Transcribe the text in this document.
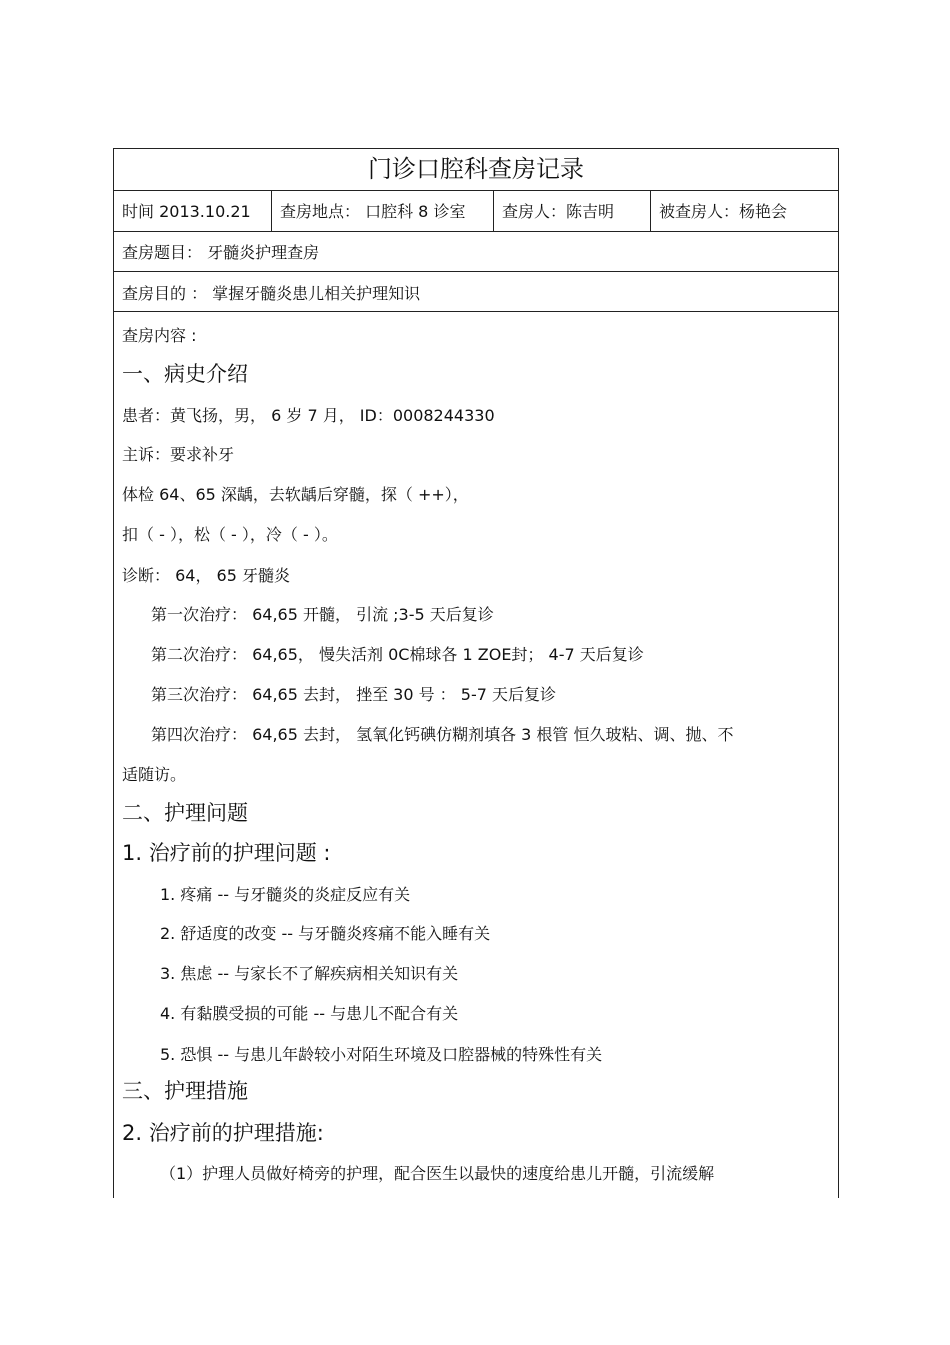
门诊口腔科查房记录
时间 2013.10.21 查房地点： 口腔科 8 诊室 查房人：陈吉明	被查房人：杨艳会
查房题目： 牙髓炎护理查房
查房目的 ： 掌握牙髓炎患儿相关护理知识
查房内容 :
一、病史介绍
患者：黄飞扬，男， 6 岁 7 月， ID：0008244330
主诉：要求补牙
体检 64、65 深龋，去软龋后穿髓，探（ ++），
扣（ - ），松（ - ），冷（ - ）。
诊断： 64， 65 牙髓炎
第一次治疗： 64,65 开髓， 引流 ;3-5 天后复诊
第二次治疗： 64,65， 慢失活剂 0C棉球各 1 ZOE封； 4-7 天后复诊
第三次治疗： 64,65 去封， 挫至 30 号 ： 5-7 天后复诊
第四次治疗： 64,65 去封， 氢氧化钙碘仿糊剂填各 3 根管 恒久玻粘、调、抛、不
适随访。
二、护理问题
1. 治疗前的护理问题 :
1. 疼痛 -- 与牙髓炎的炎症反应有关
2. 舒适度的改变 -- 与牙髓炎疼痛不能入睡有关
3. 焦虑 -- 与家长不了解疾病相关知识有关
4. 有黏膜受损的可能 -- 与患儿不配合有关
5. 恐惧 -- 与患儿年龄较小对陌生环境及口腔器械的特殊性有关
三、护理措施
2. 治疗前的护理措施:
（1）护理人员做好椅旁的护理，配合医生以最快的速度给患儿开髓，引流缓解
